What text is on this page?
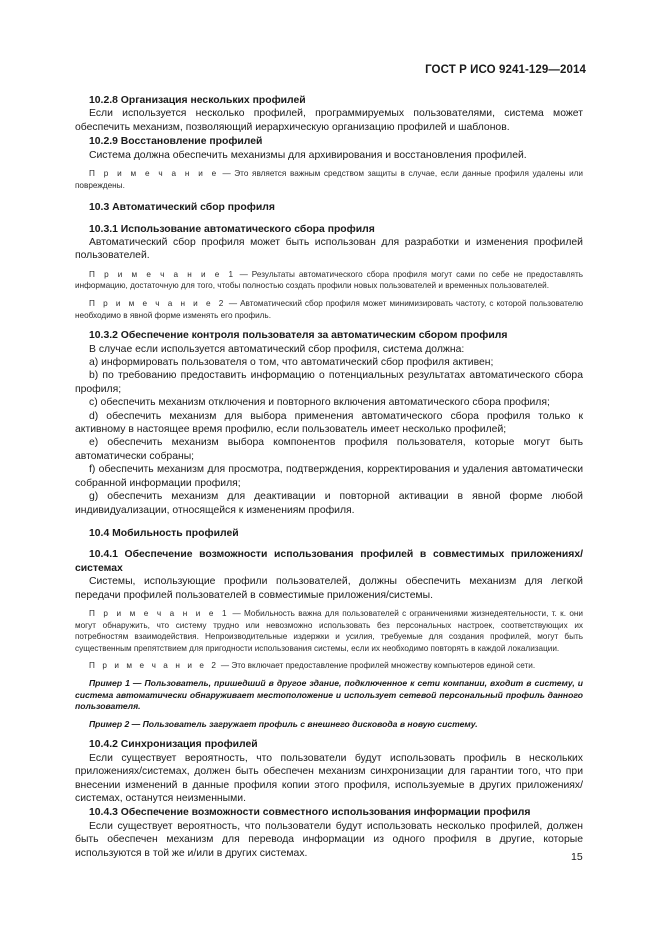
ГОСТ Р ИСО 9241-129—2014

10.2.8 Организация нескольких профилей

Если используется несколько профилей, программируемых пользователями, система может обеспечить механизм, позволяющий иерархическую организацию профилей и шаблонов.

10.2.9 Восстановление профилей

Система должна обеспечить механизмы для архивирования и восстановления профилей.

П р и м е ч а н и е — Это является важным средством защиты в случае, если данные профиля удалены или повреждены.

10.3 Автоматический сбор профиля

10.3.1 Использование автоматического сбора профиля

Автоматический сбор профиля может быть использован для разработки и изменения профилей пользователей.

П р и м е ч а н и е 1 — Результаты автоматического сбора профиля могут сами по себе не предоставлять информацию, достаточную для того, чтобы полностью создать профили новых пользователей и временных пользователей.

П р и м е ч а н и е 2 — Автоматический сбор профиля может минимизировать частоту, с которой пользователю необходимо в явной форме изменять его профиль.

10.3.2 Обеспечение контроля пользователя за автоматическим сбором профиля

В случае если используется автоматический сбор профиля, система должна:

a) информировать пользователя о том, что автоматический сбор профиля активен;

b) по требованию предоставить информацию о потенциальных результатах автоматического сбора профиля;

c) обеспечить механизм отключения и повторного включения автоматического сбора профиля;

d) обеспечить механизм для выбора применения автоматического сбора профиля только к активному в настоящее время профилю, если пользователь имеет несколько профилей;

e) обеспечить механизм выбора компонентов профиля пользователя, которые могут быть автоматически собраны;

f) обеспечить механизм для просмотра, подтверждения, корректирования и удаления автоматически собранной информации профиля;

g) обеспечить механизм для деактивации и повторной активации в явной форме любой индивидуализации, относящейся к изменениям профиля.

10.4 Мобильность профилей

10.4.1 Обеспечение возможности использования профилей в совместимых приложениях/системах

Системы, использующие профили пользователей, должны обеспечить механизм для легкой передачи профилей пользователей в совместимые приложения/системы.

П р и м е ч а н и е 1 — Мобильность важна для пользователей с ограничениями жизнедеятельности, т. к. они могут обнаружить, что систему трудно или невозможно использовать без персональных настроек, соответствующих их потребностям взаимодействия. Непроизводительные издержки и усилия, требуемые для создания профилей, могут быть существенным препятствием для пригодности использования системы, если их необходимо повторять в каждой локализации.

П р и м е ч а н и е 2 — Это включает предоставление профилей множеству компьютеров единой сети.

Пример 1 — Пользователь, пришедший в другое здание, подключенное к сети компании, входит в систему, и система автоматически обнаруживает местоположение и использует сетевой персональный профиль данного пользователя.

Пример 2 — Пользователь загружает профиль с внешнего дисковода в новую систему.

10.4.2 Синхронизация профилей

Если существует вероятность, что пользователи будут использовать профиль в нескольких приложениях/системах, должен быть обеспечен механизм синхронизации для гарантии того, что при внесении изменений в данные профиля копии этого профиля, используемые в других приложениях/системах, останутся неизменными.

10.4.3 Обеспечение возможности совместного использования информации профиля

Если существует вероятность, что пользователи будут использовать несколько профилей, должен быть обеспечен механизм для перевода информации из одного профиля в другие, которые используются в той же и/или в других системах.	15
